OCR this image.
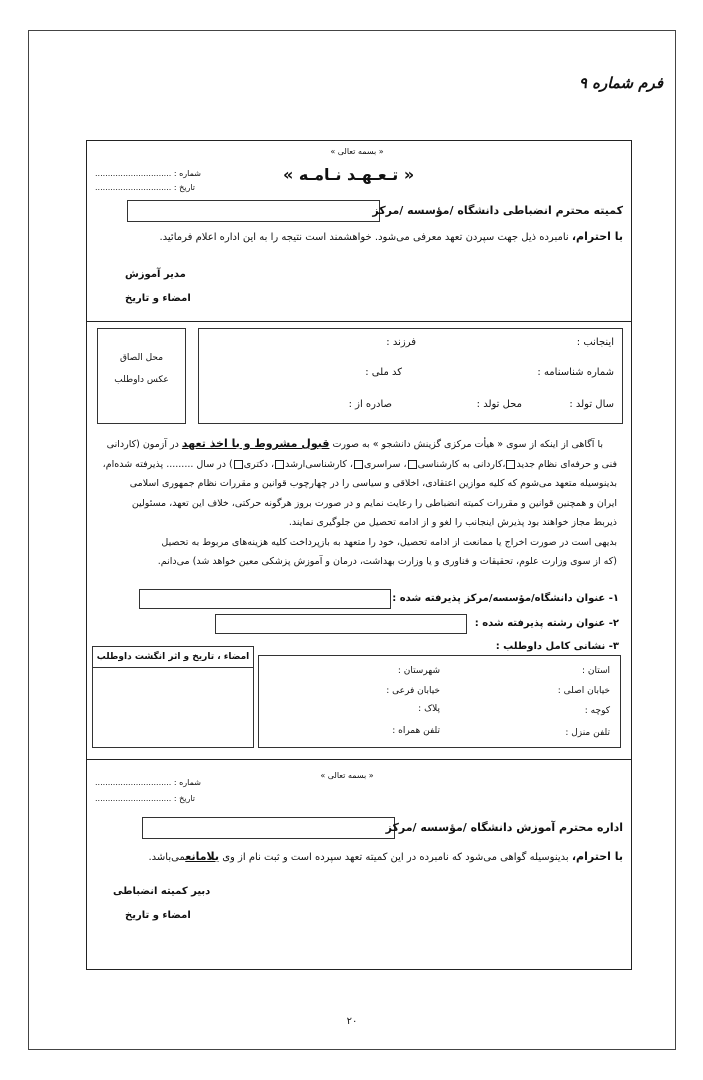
فرم شماره ۹
« بسمه تعالی »
شماره : ..............................
تاریخ : ..............................
« تـعـهـد نـامـه »
کمیته محترم انضباطی دانشگاه /مؤسسه /مرکز
با احترام، نامبرده ذیل جهت سپردن تعهد معرفی می‌شود. خواهشمند است نتیجه را به این اداره اعلام فرمائید.
مدیر آموزش
امضاء و تاریخ
محل الصاق
عکس داوطلب
اینجانب :
فرزند :
شماره شناسنامه :
کد ملی :
سال تولد :
محل تولد :
صادره از :
با آگاهی از اینکه از سوی « هیأت مرکزی گزینش دانشجو » به صورت قبول مشروط و با اخذ تعهد در آزمون (کاردانی
فنی و حرفه‌ای نظام جدید،کاردانی به کارشناسی، سراسری، کارشناسی‌ارشد، دکتری) در سال ......... پذیرفته شده‌ام،
بدینوسیله متعهد می‌شوم که کلیه موازین اعتقادی، اخلاقی و سیاسی را در چهارچوب قوانین و مقررات نظام جمهوری اسلامی
ایران و همچنین قوانین و مقررات کمیته انضباطی را رعایت نمایم و در صورت بروز هرگونه حرکتی، خلاف این تعهد، مسئولین
ذیربط مجاز خواهند بود پذیرش اینجانب را لغو و از ادامه تحصیل من جلوگیری نمایند.
بدیهی است در صورت اخراج یا ممانعت از ادامه تحصیل، خود را متعهد به بازپرداخت کلیه هزینه‌های مربوط به تحصیل
(که از سوی وزارت علوم، تحقیقات و فناوری و یا وزارت بهداشت، درمان و آموزش پزشکی معین خواهد شد) می‌دانم.
۱- عنوان دانشگاه/مؤسسه/مرکز پذیرفته شده :
۲- عنوان رشته پذیرفته شده :
۳- نشانی کامل داوطلب :
امضاء ، تاریخ و اثر انگشت داوطلب
استان :
شهرستان :
خیابان اصلی :
خیابان فرعی :
کوچه :
پلاک :
تلفن منزل :
تلفن همراه :
« بسمه تعالی »
شماره : ..............................
تاریخ : ..............................
اداره محترم آموزش دانشگاه /مؤسسه /مرکز
با احترام، بدینوسیله گواهی می‌شود که نامبرده در این کمیته تعهد سپرده است و ثبت نام از وی بلامانعمی‌باشد.
دبیر کمیته انضباطی
امضاء و تاریخ
۲۰
